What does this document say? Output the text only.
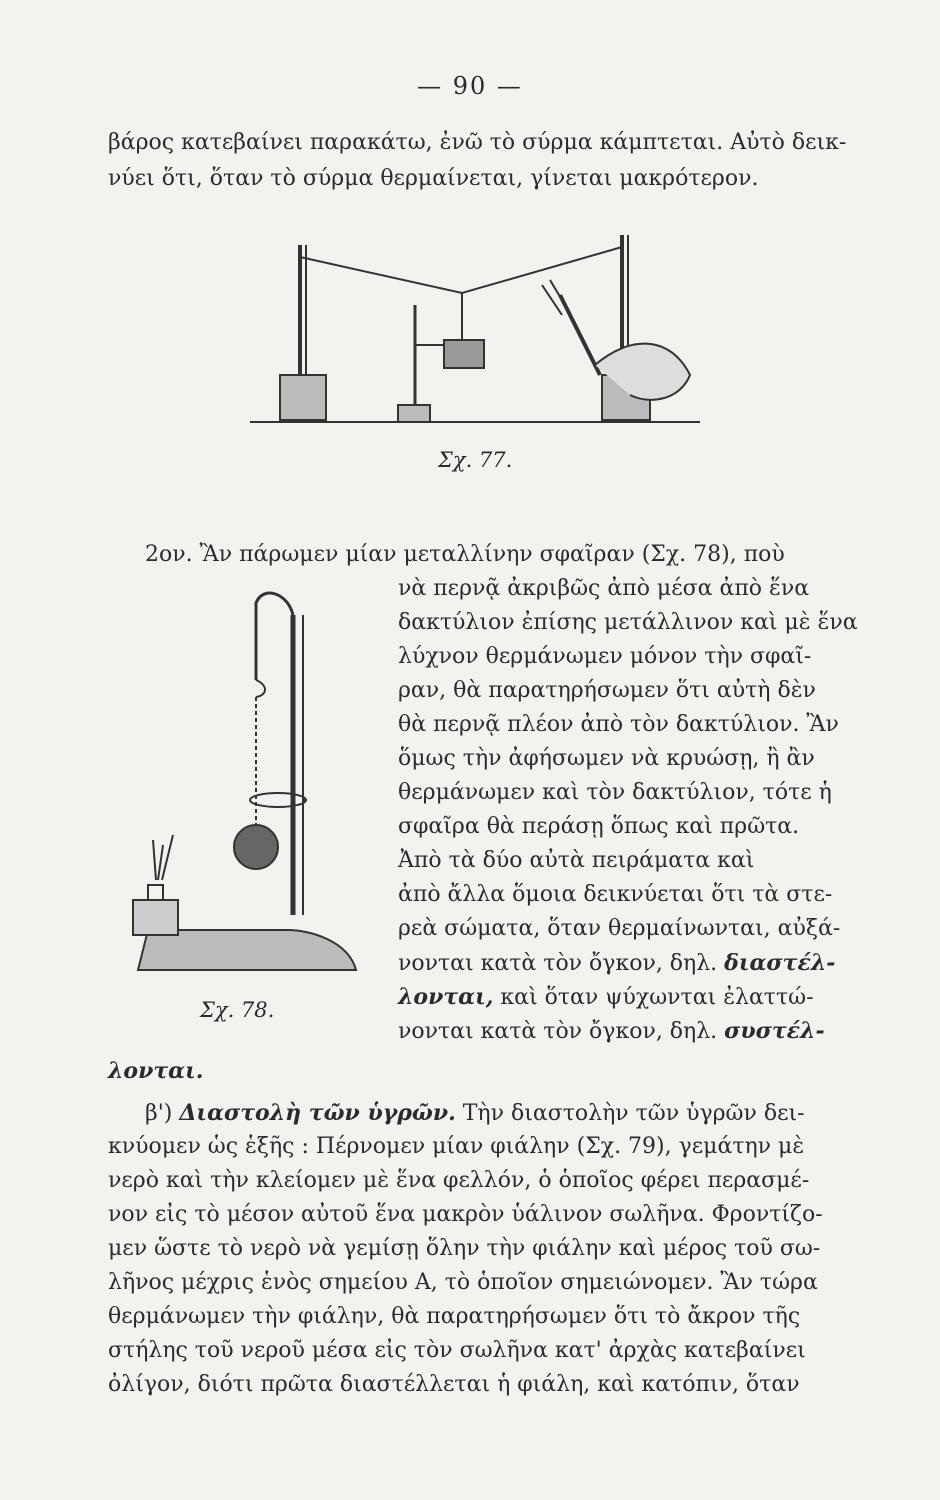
— 90 —
βάρος κατεβαίνει παρακάτω, ἐνῶ τὸ σύρμα κάμπτεται. Αὐτὸ δεικ-
νύει ὅτι, ὅταν τὸ σύρμα θερμαίνεται, γίνεται μακρότερον.
Σχ. 77.
2ον. Ἂν πάρωμεν μίαν μεταλλίνην σφαῖραν (Σχ. 78), ποὺ
Σχ. 78.
νὰ περνᾷ ἀκριβῶς ἀπὸ μέσα ἀπὸ ἕνα
δακτύλιον ἐπίσης μετάλλινον καὶ μὲ ἕνα
λύχνον θερμάνωμεν μόνον τὴν σφαῖ-
ραν, θὰ παρατηρήσωμεν ὅτι αὐτὴ δὲν
θὰ περνᾷ πλέον ἀπὸ τὸν δακτύλιον. Ἂν
ὅμως τὴν ἀφήσωμεν νὰ κρυώσῃ, ἢ ἂν
θερμάνωμεν καὶ τὸν δακτύλιον, τότε ἡ
σφαῖρα θὰ περάσῃ ὅπως καὶ πρῶτα.
Ἀπὸ τὰ δύο αὐτὰ πειράματα καὶ
ἀπὸ ἄλλα ὅμοια δεικνύεται ὅτι τὰ στε-
ρεὰ σώματα, ὅταν θερμαίνωνται, αὐξά-
νονται κατὰ τὸν ὄγκον, δηλ. διαστέλ-
λονται, καὶ ὅταν ψύχωνται ἐλαττώ-
νονται κατὰ τὸν ὄγκον, δηλ. συστέλ-
λονται.
β') Διαστολὴ τῶν ὑγρῶν. Τὴν διαστολὴν τῶν ὑγρῶν δει-
κνύομεν ὡς ἑξῆς : Πέρνομεν μίαν φιάλην (Σχ. 79), γεμάτην μὲ
νερὸ καὶ τὴν κλείομεν μὲ ἕνα φελλόν, ὁ ὁποῖος φέρει περασμέ-
νον εἰς τὸ μέσον αὐτοῦ ἕνα μακρὸν ὑάλινον σωλῆνα. Φροντίζο-
μεν ὥστε τὸ νερὸ νὰ γεμίσῃ ὅλην τὴν φιάλην καὶ μέρος τοῦ σω-
λῆνος μέχρις ἑνὸς σημείου Α, τὸ ὁποῖον σημειώνομεν. Ἂν τώρα
θερμάνωμεν τὴν φιάλην, θὰ παρατηρήσωμεν ὅτι τὸ ἄκρον τῆς
στήλης τοῦ νεροῦ μέσα εἰς τὸν σωλῆνα κατ' ἀρχὰς κατεβαίνει
ὀλίγον, διότι πρῶτα διαστέλλεται ἡ φιάλη, καὶ κατόπιν, ὅταν
